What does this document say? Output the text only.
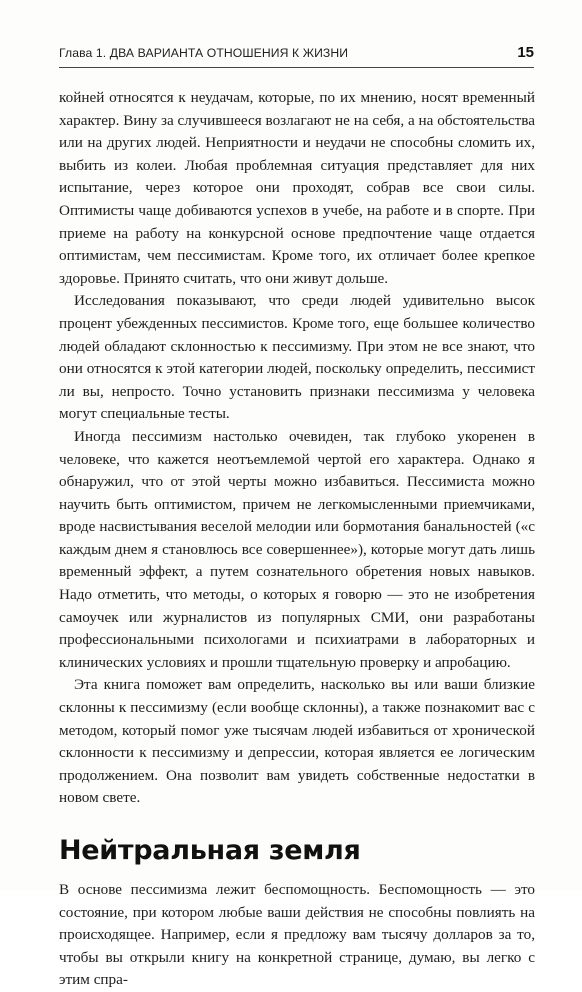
Глава 1. ДВА ВАРИАНТА ОТНОШЕНИЯ К ЖИЗНИ	15

койней относятся к неудачам, которые, по их мнению, носят временный характер. Вину за случившееся возлагают не на себя, а на обстоятельства или на других людей. Неприятности и неудачи не способны сломить их, выбить из колеи. Любая проблемная ситуация представляет для них испытание, через которое они проходят, собрав все свои силы. Оптимисты чаще добиваются успехов в учебе, на работе и в спорте. При приеме на работу на конкурсной основе предпочтение чаще отдается оптимистам, чем пессимистам. Кроме того, их отличает более крепкое здоровье. Принято считать, что они живут дольше.

Исследования показывают, что среди людей удивительно высок процент убежденных пессимистов. Кроме того, еще большее количество людей обладают склонностью к пессимизму. При этом не все знают, что они относятся к этой категории людей, поскольку определить, пессимист ли вы, непросто. Точно установить признаки пессимизма у человека могут специальные тесты.

Иногда пессимизм настолько очевиден, так глубоко укоренен в человеке, что кажется неотъемлемой чертой его характера. Однако я обнаружил, что от этой черты можно избавиться. Пессимиста можно научить быть оптимистом, причем не легкомысленными приемчиками, вроде насвистывания веселой мелодии или бормотания банальностей («с каждым днем я становлюсь все совершеннее»), которые могут дать лишь временный эффект, а путем сознательного обретения новых навыков. Надо отметить, что методы, о которых я говорю — это не изобретения самоучек или журналистов из популярных СМИ, они разработаны профессиональными психологами и психиатрами в лабораторных и клинических условиях и прошли тщательную проверку и апробацию.

Эта книга поможет вам определить, насколько вы или ваши близкие склонны к пессимизму (если вообще склонны), а также познакомит вас с методом, который помог уже тысячам людей избавиться от хронической склонности к пессимизму и депрессии, которая является ее логическим продолжением. Она позволит вам увидеть собственные недостатки в новом свете.

Нейтральная земля

В основе пессимизма лежит беспомощность. Беспомощность — это состояние, при котором любые ваши действия не способны повлиять на происходящее. Например, если я предложу вам тысячу долларов за то, чтобы вы открыли книгу на конкретной странице, думаю, вы легко с этим спра-
